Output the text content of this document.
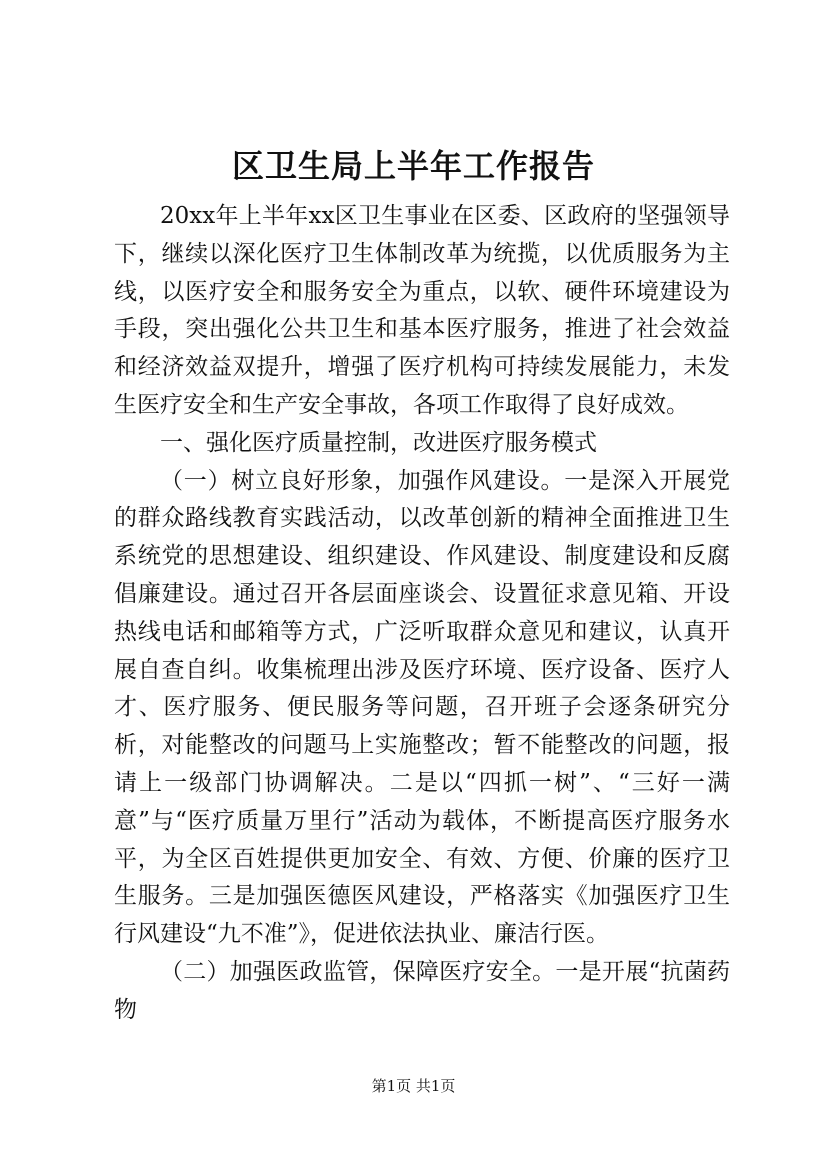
区卫生局上半年工作报告

20xx年上半年xx区卫生事业在区委、区政府的坚强领导下，继续以深化医疗卫生体制改革为统揽，以优质服务为主线，以医疗安全和服务安全为重点，以软、硬件环境建设为手段，突出强化公共卫生和基本医疗服务，推进了社会效益和经济效益双提升，增强了医疗机构可持续发展能力，未发生医疗安全和生产安全事故，各项工作取得了良好成效。

一、强化医疗质量控制，改进医疗服务模式

（一）树立良好形象，加强作风建设。一是深入开展党的群众路线教育实践活动，以改革创新的精神全面推进卫生系统党的思想建设、组织建设、作风建设、制度建设和反腐倡廉建设。通过召开各层面座谈会、设置征求意见箱、开设热线电话和邮箱等方式，广泛听取群众意见和建议，认真开展自查自纠。收集梳理出涉及医疗环境、医疗设备、医疗人才、医疗服务、便民服务等问题，召开班子会逐条研究分析，对能整改的问题马上实施整改；暂不能整改的问题，报请上一级部门协调解决。二是以“四抓一树”、“三好一满意”与“医疗质量万里行”活动为载体，不断提高医疗服务水平，为全区百姓提供更加安全、有效、方便、价廉的医疗卫生服务。三是加强医德医风建设，严格落实《加强医疗卫生行风建设“九不准”》，促进依法执业、廉洁行医。

（二）加强医政监管，保障医疗安全。一是开展“抗菌药物

第1页 共1页
